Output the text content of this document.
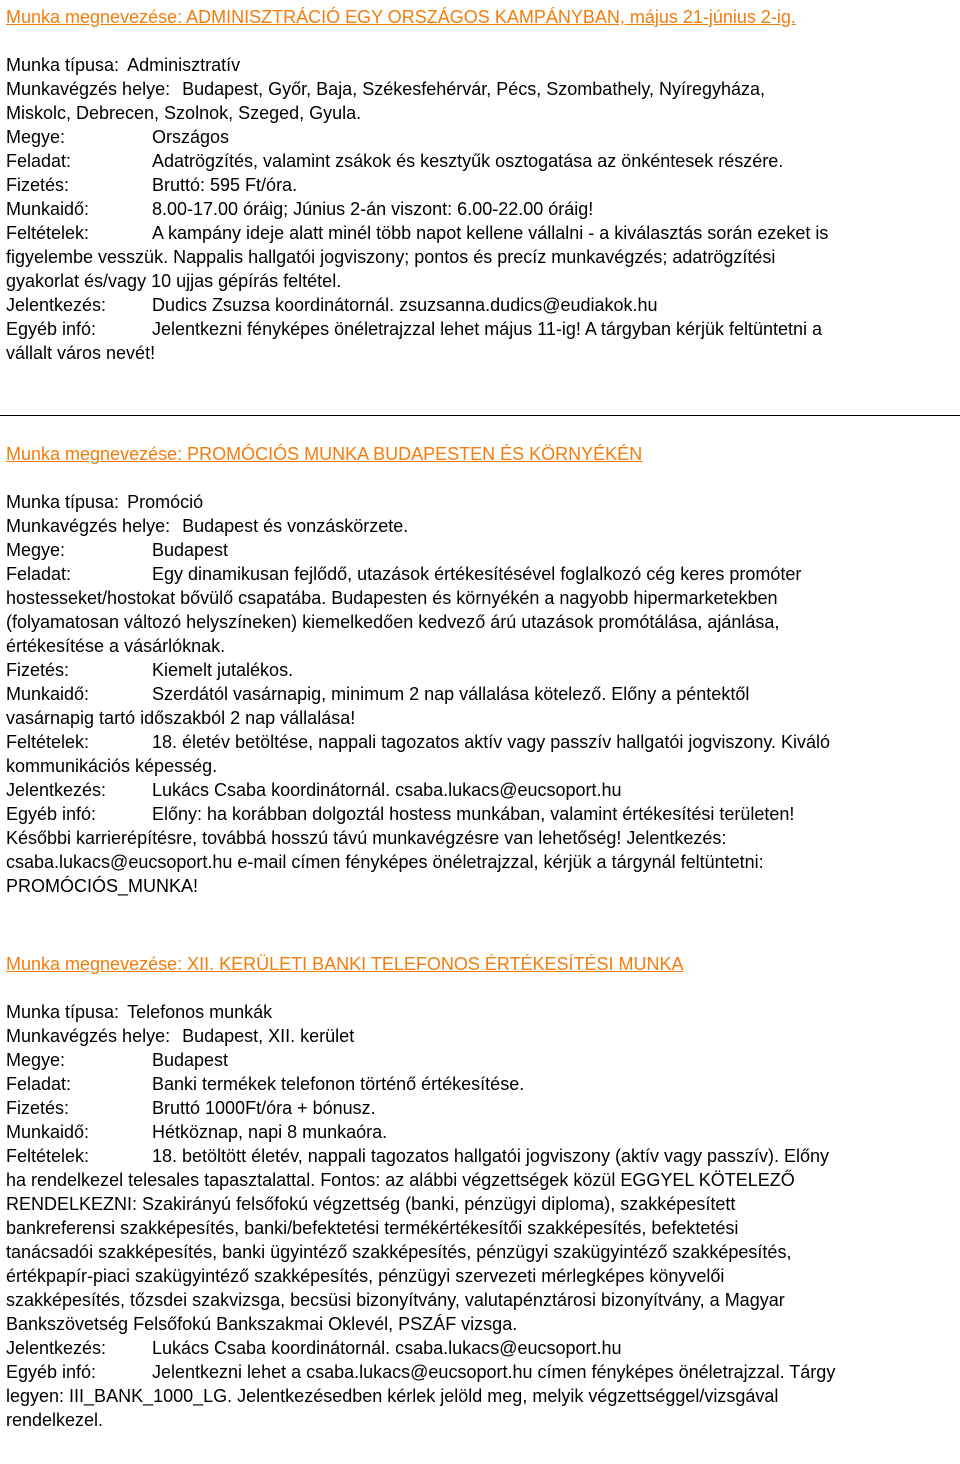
Munka megnevezése: ADMINISZTRÁCIÓ EGY ORSZÁGOS KAMPÁNYBAN, május 21-június 2-ig.

Munka típusa: Adminisztratív

Munkavégzés helye: Budapest, Győr, Baja, Székesfehérvár, Pécs, Szombathely, Nyíregyháza,

Miskolc, Debrecen, Szolnok, Szeged, Gyula.

Megye:	Országos

Feladat:	Adatrögzítés, valamint zsákok és kesztyűk osztogatása az önkéntesek részére.

Fizetés:	Bruttó: 595 Ft/óra.

Munkaidő:	8.00-17.00 óráig; Június 2-án viszont: 6.00-22.00 óráig!

Feltételek:	A kampány ideje alatt minél több napot kellene vállalni - a kiválasztás során ezeket is

figyelembe vesszük. Nappalis hallgatói jogviszony; pontos és precíz munkavégzés; adatrögzítési

gyakorlat és/vagy 10 ujjas gépírás feltétel.

Jelentkezés:	Dudics Zsuzsa koordinátornál. zsuzsanna.dudics@eudiakok.hu

Egyéb infó:	Jelentkezni fényképes önéletrajzzal lehet május 11-ig! A tárgyban kérjük feltüntetni a

vállalt város nevét!

Munka megnevezése: PROMÓCIÓS MUNKA BUDAPESTEN ÉS KÖRNYÉKÉN

Munka típusa: Promóció

Munkavégzés helye: Budapest és vonzáskörzete.

Megye:	Budapest

Feladat:	Egy dinamikusan fejlődő, utazások értékesítésével foglalkozó cég keres promóter

hostesseket/hostokat bővülő csapatába. Budapesten és környékén a nagyobb hipermarketekben

(folyamatosan változó helyszíneken) kiemelkedően kedvező árú utazások promótálása, ajánlása,

értékesítése a vásárlóknak.

Fizetés:	Kiemelt jutalékos.

Munkaidő:	Szerdától vasárnapig, minimum 2 nap vállalása kötelező. Előny a péntektől

vasárnapig tartó időszakból 2 nap vállalása!

Feltételek:	18. életév betöltése, nappali tagozatos aktív vagy passzív hallgatói jogviszony. Kiváló

kommunikációs képesség.

Jelentkezés:	Lukács Csaba koordinátornál. csaba.lukacs@eucsoport.hu

Egyéb infó:	Előny: ha korábban dolgoztál hostess munkában, valamint értékesítési területen!

Későbbi karrierépítésre, továbbá hosszú távú munkavégzésre van lehetőség! Jelentkezés:

csaba.lukacs@eucsoport.hu e-mail címen fényképes önéletrajzzal, kérjük a tárgynál feltüntetni:

PROMÓCIÓS_MUNKA!

Munka megnevezése: XII. KERÜLETI BANKI TELEFONOS ÉRTÉKESÍTÉSI MUNKA

Munka típusa: Telefonos munkák

Munkavégzés helye: Budapest, XII. kerület

Megye:	Budapest

Feladat:	Banki termékek telefonon történő értékesítése.

Fizetés:	Bruttó 1000Ft/óra + bónusz.

Munkaidő:	Hétköznap, napi 8 munkaóra.

Feltételek:	18. betöltött életév, nappali tagozatos hallgatói jogviszony (aktív vagy passzív). Előny

ha rendelkezel telesales tapasztalattal. Fontos: az alábbi végzettségek közül EGGYEL KÖTELEZŐ

RENDELKEZNI: Szakirányú felsőfokú végzettség (banki, pénzügyi diploma), szakképesített

bankreferensi szakképesítés, banki/befektetési termékértékesítői szakképesítés, befektetési

tanácsadói szakképesítés, banki ügyintéző szakképesítés, pénzügyi szakügyintéző szakképesítés,

értékpapír-piaci szakügyintéző szakképesítés, pénzügyi szervezeti mérlegképes könyvelői

szakképesítés, tőzsdei szakvizsga, becsüsi bizonyítvány, valutapénztárosi bizonyítvány, a Magyar

Bankszövetség Felsőfokú Bankszakmai Oklevél, PSZÁF vizsga.

Jelentkezés:	Lukács Csaba koordinátornál. csaba.lukacs@eucsoport.hu

Egyéb infó:	Jelentkezni lehet a csaba.lukacs@eucsoport.hu címen fényképes önéletrajzzal. Tárgy

legyen: III_BANK_1000_LG. Jelentkezésedben kérlek jelöld meg, melyik végzettséggel/vizsgával

rendelkezel.
